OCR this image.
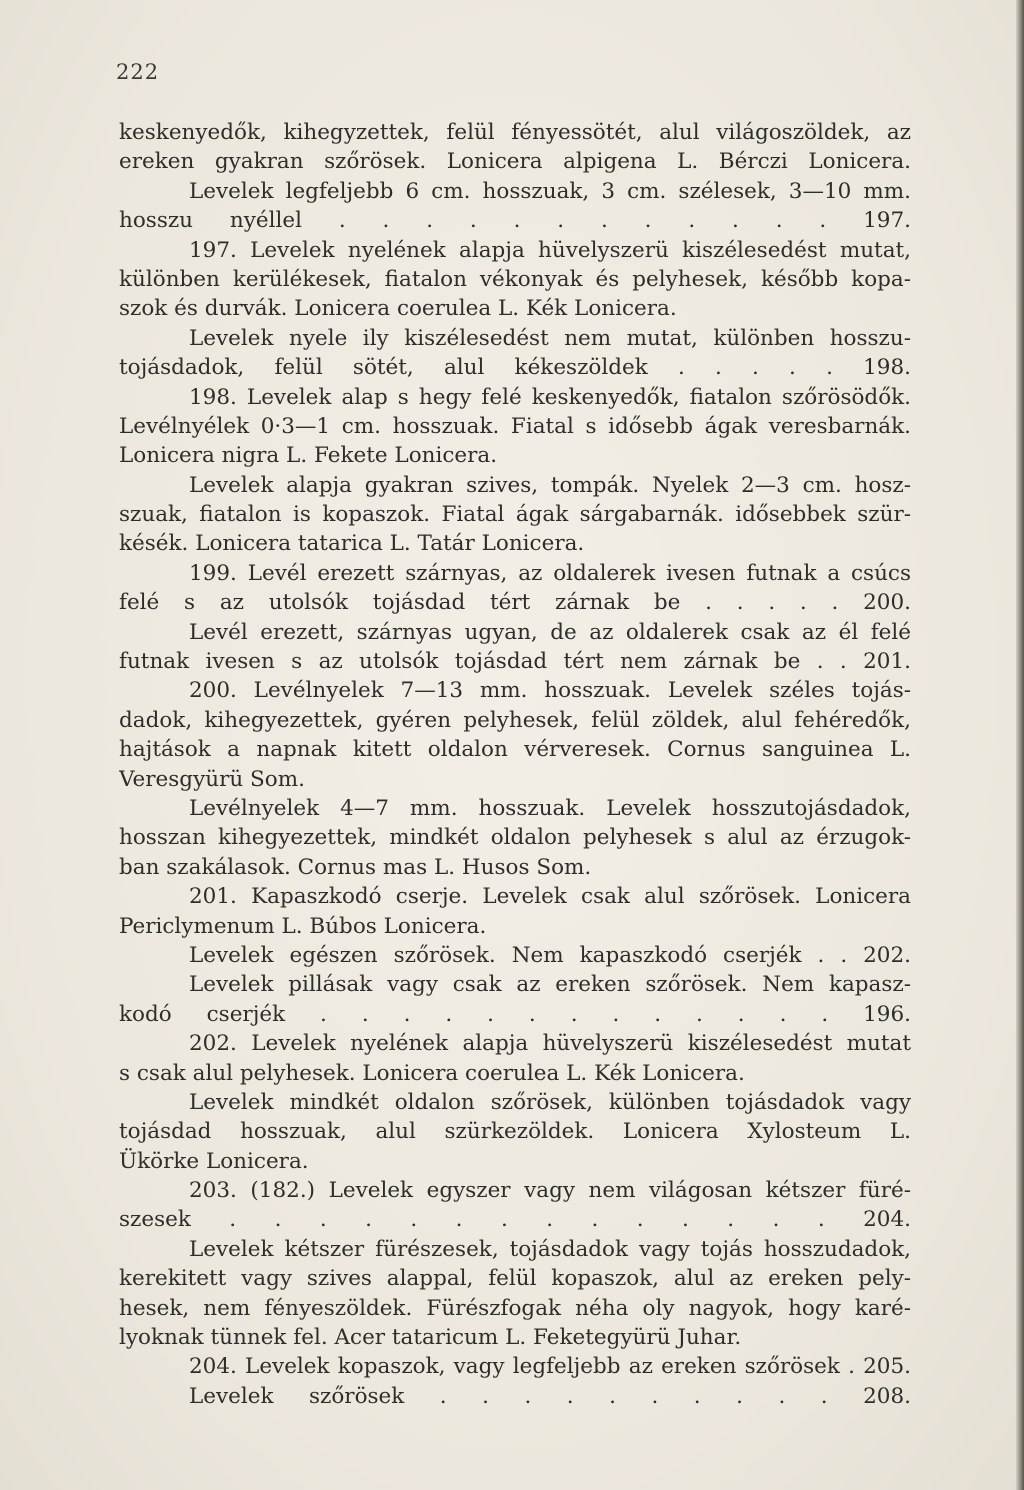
222
keskenyedők, kihegyzettek, felül fényessötét, alul világoszöldek, az
ereken gyakran szőrösek. Lonicera alpigena L. Bérczi Lonicera.
Levelek legfeljebb 6 cm. hosszuak, 3 cm. szélesek, 3—10 mm.
hosszu nyéllel . . . . . . . . . . . . 197.
197. Levelek nyelének alapja hüvelyszerü kiszélesedést mutat,
különben kerülékesek, fiatalon vékonyak és pelyhesek, később kopa-
szok és durvák. Lonicera coerulea L. Kék Lonicera.
Levelek nyele ily kiszélesedést nem mutat, különben hosszu-
tojásdadok, felül sötét, alul kékeszöldek . . . . . 198.
198. Levelek alap s hegy felé keskenyedők, fiatalon szőrösödők.
Levélnyélek 0·3—1 cm. hosszuak. Fiatal s idősebb ágak veresbarnák.
Lonicera nigra L. Fekete Lonicera.
Levelek alapja gyakran szives, tompák. Nyelek 2—3 cm. hosz-
szuak, fiatalon is kopaszok. Fiatal ágak sárgabarnák. idősebbek szür-
késék. Lonicera tatarica L. Tatár Lonicera.
199. Levél erezett szárnyas, az oldalerek ivesen futnak a csúcs
felé s az utolsók tojásdad tért zárnak be . . . . . 200.
Levél erezett, szárnyas ugyan, de az oldalerek csak az él felé
futnak ivesen s az utolsók tojásdad tért nem zárnak be . . 201.
200. Levélnyelek 7—13 mm. hosszuak. Levelek széles tojás-
dadok, kihegyezettek, gyéren pelyhesek, felül zöldek, alul fehéredők,
hajtások a napnak kitett oldalon vérveresek. Cornus sanguinea L.
Veresgyürü Som.
Levélnyelek 4—7 mm. hosszuak. Levelek hosszutojásdadok,
hosszan kihegyezettek, mindkét oldalon pelyhesek s alul az érzugok-
ban szakálasok. Cornus mas L. Husos Som.
201. Kapaszkodó cserje. Levelek csak alul szőrösek. Lonicera
Periclymenum L. Búbos Lonicera.
Levelek egészen szőrösek. Nem kapaszkodó cserjék . . 202.
Levelek pillásak vagy csak az ereken szőrösek. Nem kapasz-
kodó cserjék . . . . . . . . . . . . . 196.
202. Levelek nyelének alapja hüvelyszerü kiszélesedést mutat
s csak alul pelyhesek. Lonicera coerulea L. Kék Lonicera.
Levelek mindkét oldalon szőrösek, különben tojásdadok vagy
tojásdad hosszuak, alul szürkezöldek. Lonicera Xylosteum L.
Ükörke Lonicera.
203. (182.) Levelek egyszer vagy nem világosan kétszer füré-
szesek . . . . . . . . . . . . . . 204.
Levelek kétszer fürészesek, tojásdadok vagy tojás hosszudadok,
kerekitett vagy szives alappal, felül kopaszok, alul az ereken pely-
hesek, nem fényeszöldek. Fürészfogak néha oly nagyok, hogy karé-
lyoknak tünnek fel. Acer tataricum L. Feketegyürü Juhar.
204. Levelek kopaszok, vagy legfeljebb az ereken szőrösek . 205.
Levelek szőrösek . . . . . . . . . . 208.
